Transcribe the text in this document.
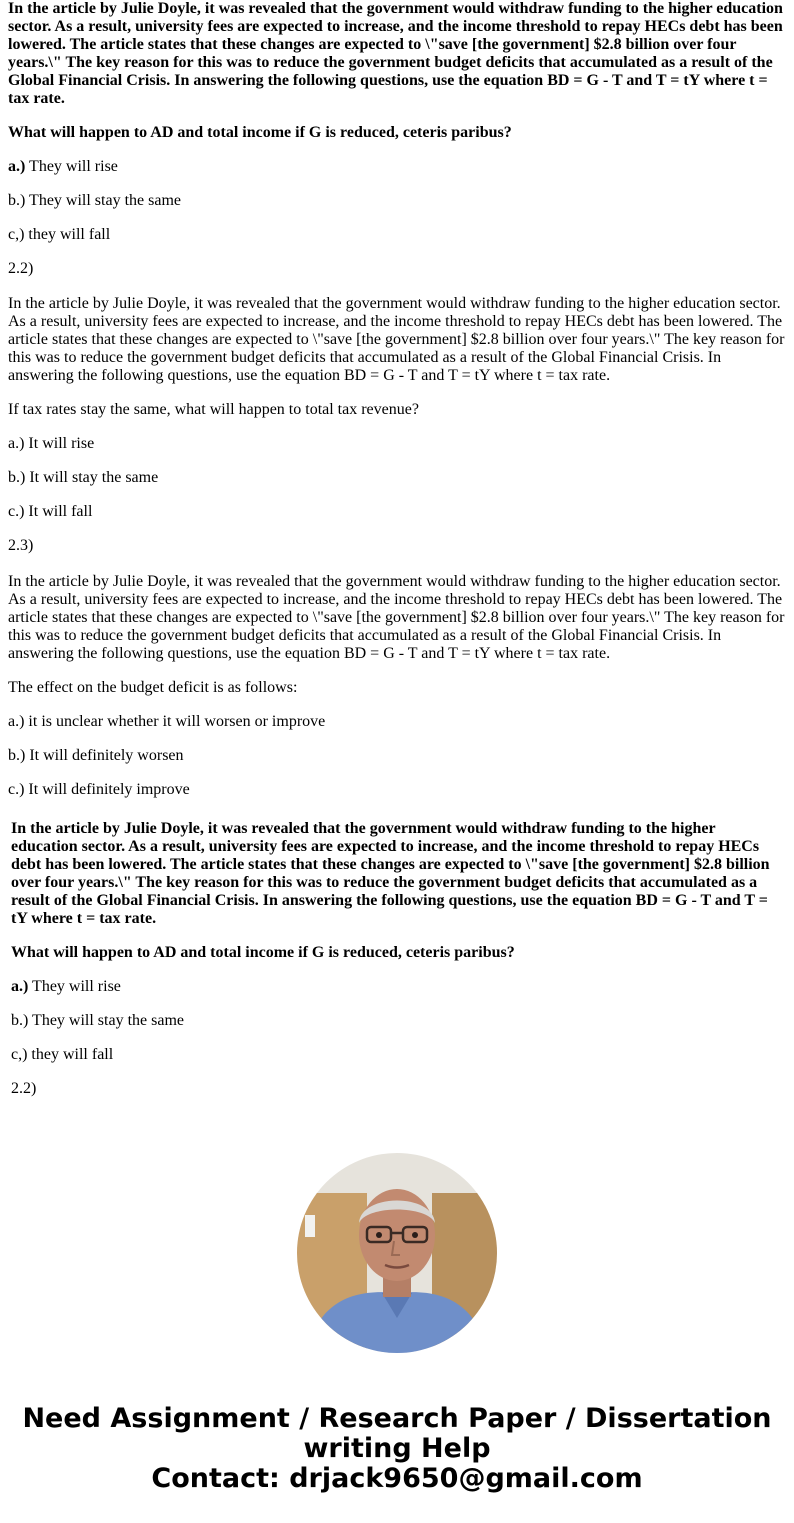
In the article by Julie Doyle, it was revealed that the government would withdraw funding to the higher education sector. As a result, university fees are expected to increase, and the income threshold to repay HECs debt has been lowered. The article states that these changes are expected to \"save [the government] $2.8 billion over four years.\" The key reason for this was to reduce the government budget deficits that accumulated as a result of the Global Financial Crisis. In answering the following questions, use the equation BD = G - T and T = tY where t = tax rate.

What will happen to AD and total income if G is reduced, ceteris paribus?

a.) They will rise

b.) They will stay the same

c,) they will fall

2.2)

In the article by Julie Doyle, it was revealed that the government would withdraw funding to the higher education sector. As a result, university fees are expected to increase, and the income threshold to repay HECs debt has been lowered. The article states that these changes are expected to \"save [the government] $2.8 billion over four years.\" The key reason for this was to reduce the government budget deficits that accumulated as a result of the Global Financial Crisis. In answering the following questions, use the equation BD = G - T and T = tY where t = tax rate.

If tax rates stay the same, what will happen to total tax revenue?

a.) It will rise

b.) It will stay the same

c.) It will fall

2.3)

In the article by Julie Doyle, it was revealed that the government would withdraw funding to the higher education sector. As a result, university fees are expected to increase, and the income threshold to repay HECs debt has been lowered. The article states that these changes are expected to \"save [the government] $2.8 billion over four years.\" The key reason for this was to reduce the government budget deficits that accumulated as a result of the Global Financial Crisis. In answering the following questions, use the equation BD = G - T and T = tY where t = tax rate.

The effect on the budget deficit is as follows:

a.) it is unclear whether it will worsen or improve

b.) It will definitely worsen

c.) It will definitely improve

In the article by Julie Doyle, it was revealed that the government would withdraw funding to the higher education sector. As a result, university fees are expected to increase, and the income threshold to repay HECs debt has been lowered. The article states that these changes are expected to \"save [the government] $2.8 billion over four years.\" The key reason for this was to reduce the government budget deficits that accumulated as a result of the Global Financial Crisis. In answering the following questions, use the equation BD = G - T and T = tY where t = tax rate.

What will happen to AD and total income if G is reduced, ceteris paribus?

a.) They will rise

b.) They will stay the same

c,) they will fall

2.2)

Need Assignment / Research Paper / Dissertation
writing Help
Contact: drjack9650@gmail.com
